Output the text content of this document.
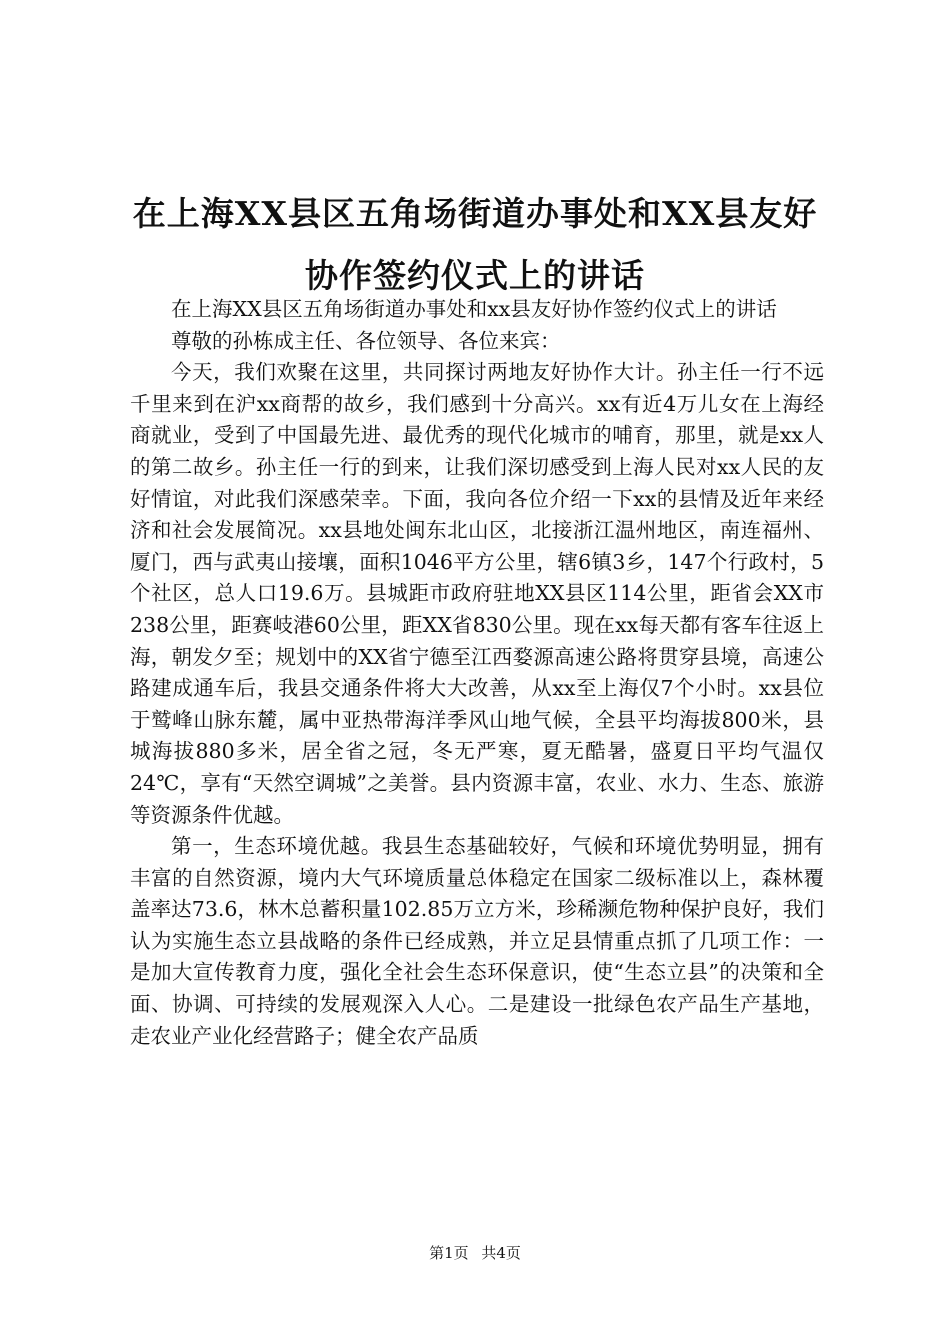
在上海XX县区五角场街道办事处和XX县友好
协作签约仪式上的讲话

在上海XX县区五角场街道办事处和xx县友好协作签约仪式上的讲话

尊敬的孙栋成主任、各位领导、各位来宾：

今天，我们欢聚在这里，共同探讨两地友好协作大计。孙主任一行不远千里来到在沪xx商帮的故乡，我们感到十分高兴。xx有近4万儿女在上海经商就业，受到了中国最先进、最优秀的现代化城市的哺育，那里，就是xx人的第二故乡。孙主任一行的到来，让我们深切感受到上海人民对xx人民的友好情谊，对此我们深感荣幸。下面，我向各位介绍一下xx的县情及近年来经济和社会发展简况。xx县地处闽东北山区，北接浙江温州地区，南连福州、厦门，西与武夷山接壤，面积1046平方公里，辖6镇3乡，147个行政村，5个社区，总人口19.6万。县城距市政府驻地XX县区114公里，距省会XX市238公里，距赛岐港60公里，距XX省830公里。现在xx每天都有客车往返上海，朝发夕至；规划中的XX省宁德至江西婺源高速公路将贯穿县境，高速公路建成通车后，我县交通条件将大大改善，从xx至上海仅7个小时。xx县位于鹫峰山脉东麓，属中亚热带海洋季风山地气候，全县平均海拔800米，县城海拔880多米，居全省之冠，冬无严寒，夏无酷暑，盛夏日平均气温仅24℃，享有“天然空调城”之美誉。县内资源丰富，农业、水力、生态、旅游等资源条件优越。

第一，生态环境优越。我县生态基础较好，气候和环境优势明显，拥有丰富的自然资源，境内大气环境质量总体稳定在国家二级标准以上，森林覆盖率达73.6，林木总蓄积量102.85万立方米，珍稀濒危物种保护良好，我们认为实施生态立县战略的条件已经成熟，并立足县情重点抓了几项工作：一是加大宣传教育力度，强化全社会生态环保意识，使“生态立县”的决策和全面、协调、可持续的发展观深入人心。二是建设一批绿色农产品生产基地，走农业产业化经营路子；健全农产品质

第1页 共4页
